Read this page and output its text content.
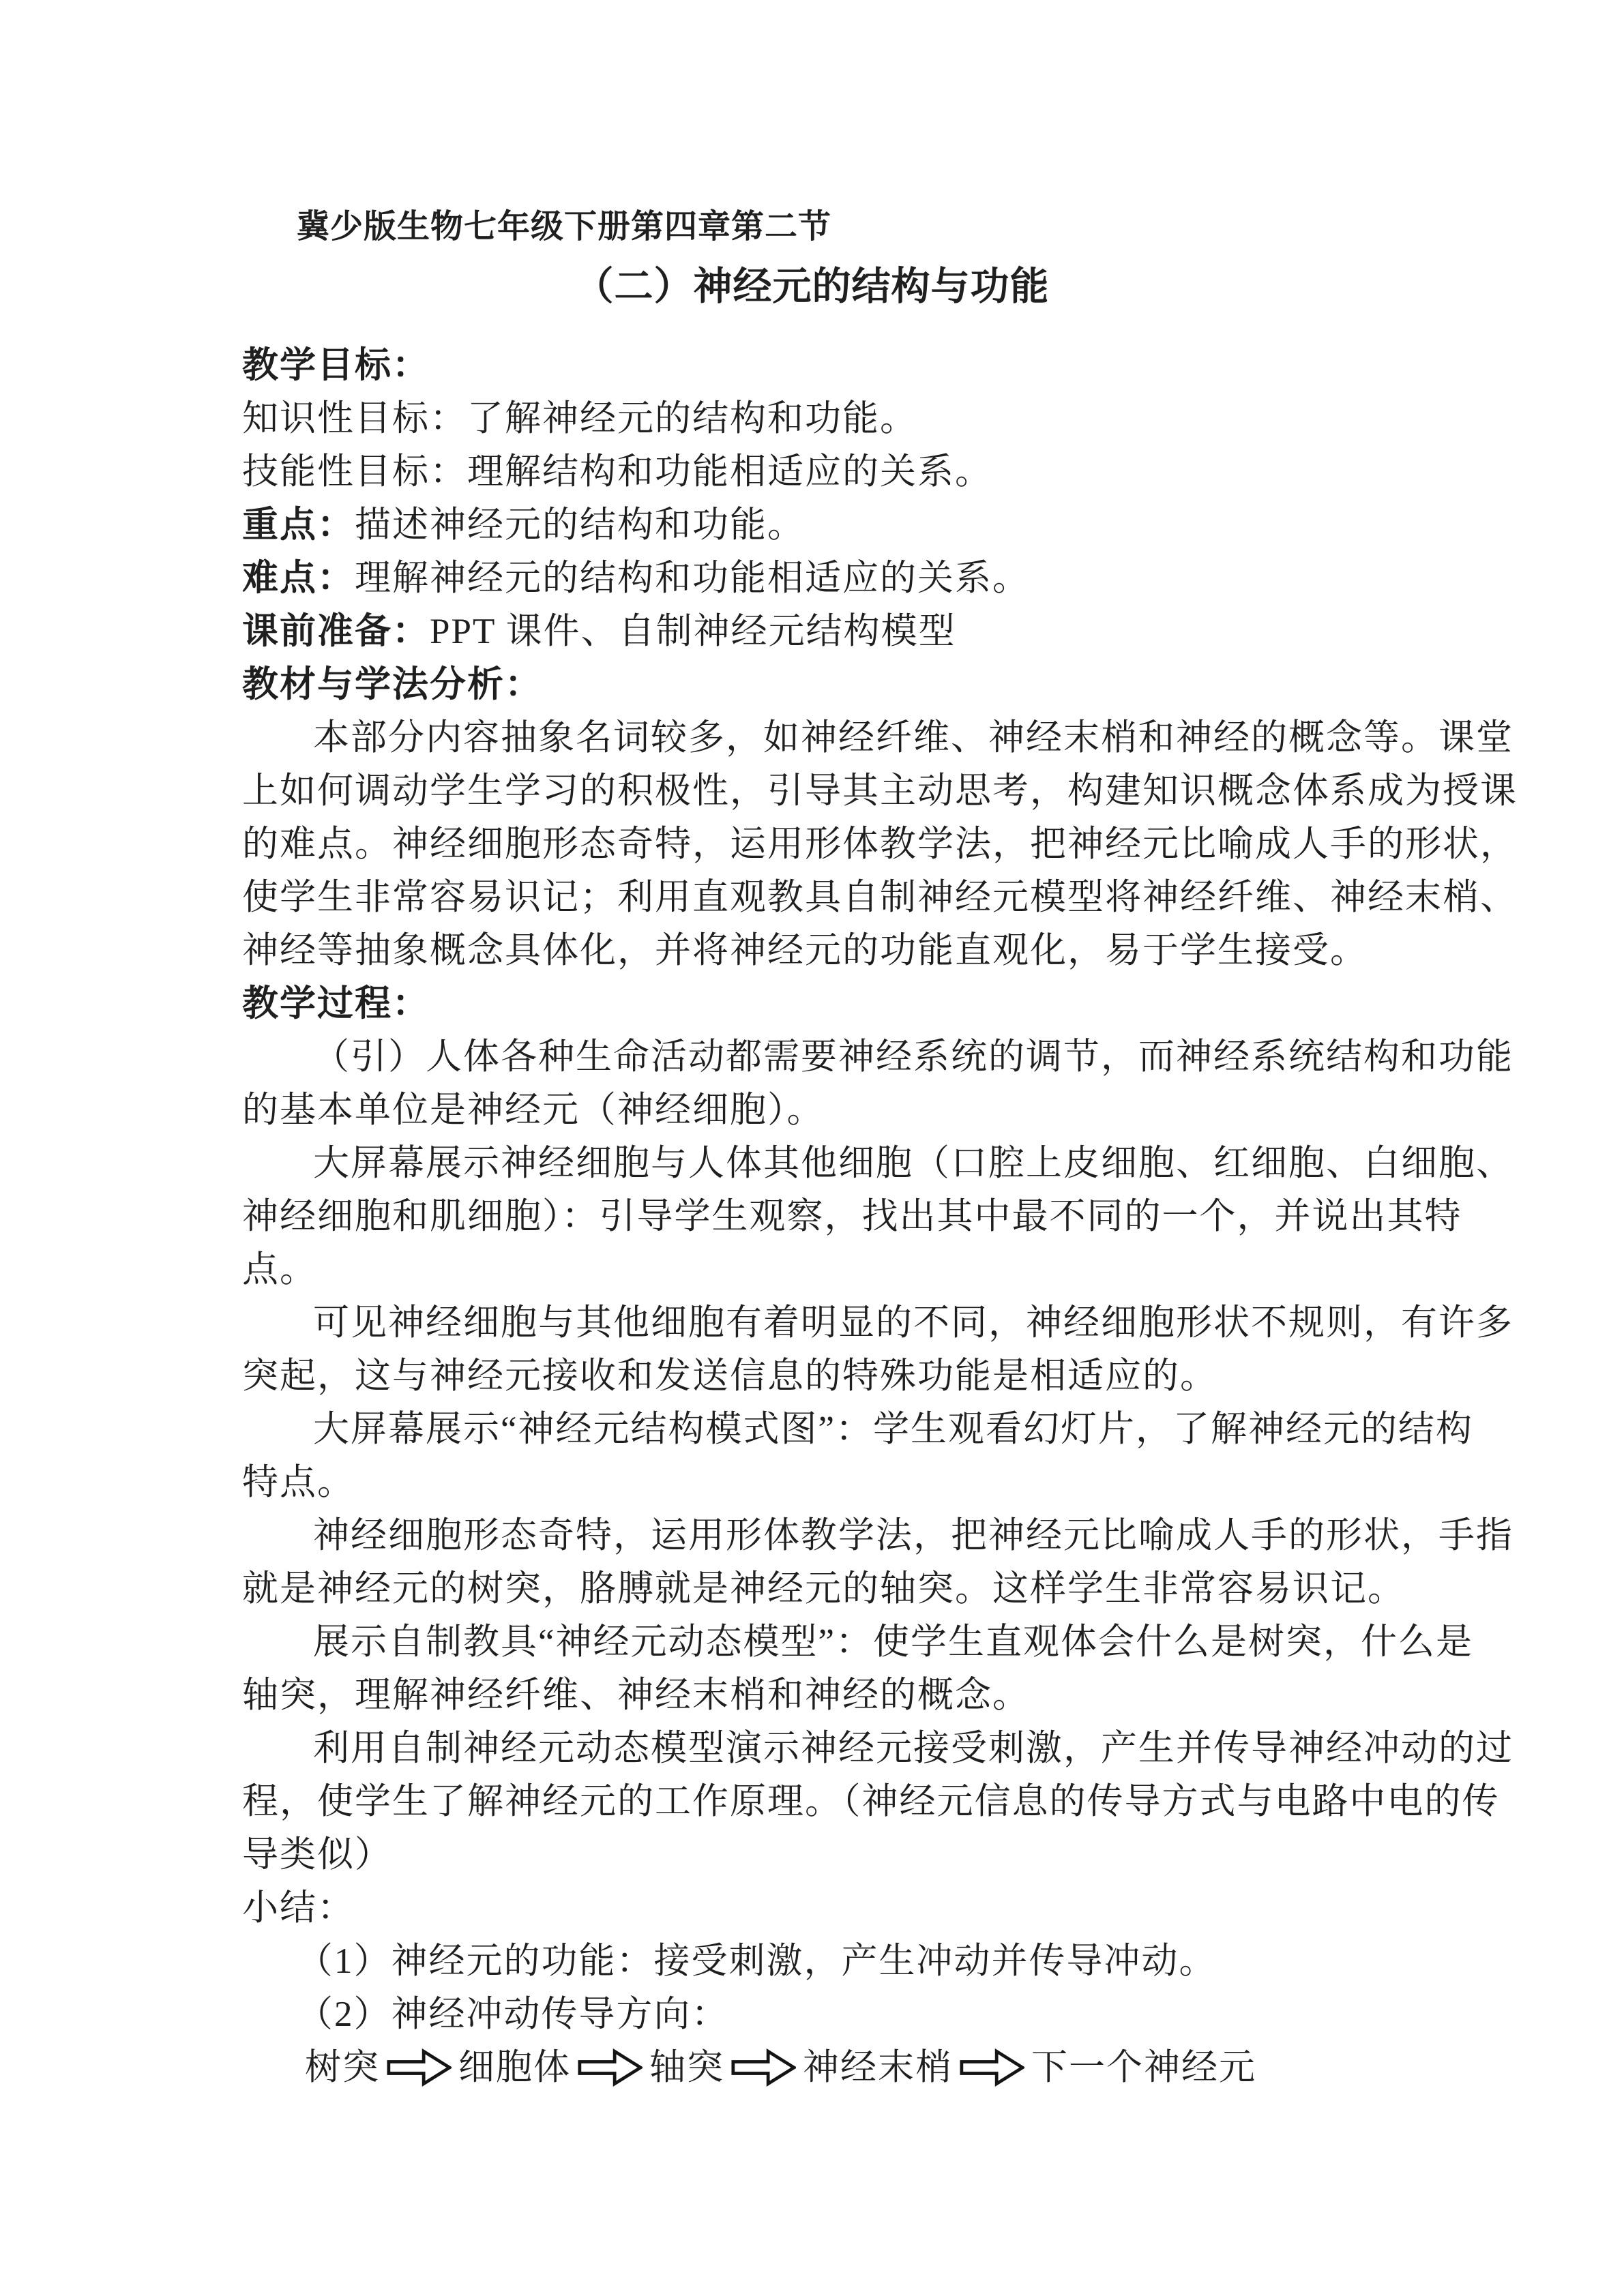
冀少版生物七年级下册第四章第二节
（二）神经元的结构与功能
教学目标：
知识性目标：了解神经元的结构和功能。
技能性目标：理解结构和功能相适应的关系。
重点：描述神经元的结构和功能。
难点：理解神经元的结构和功能相适应的关系。
课前准备：PPT 课件、自制神经元结构模型
教材与学法分析：
本部分内容抽象名词较多，如神经纤维、神经末梢和神经的概念等。课堂
上如何调动学生学习的积极性，引导其主动思考，构建知识概念体系成为授课
的难点。神经细胞形态奇特，运用形体教学法，把神经元比喻成人手的形状，
使学生非常容易识记；利用直观教具自制神经元模型将神经纤维、神经末梢、
神经等抽象概念具体化，并将神经元的功能直观化，易于学生接受。
教学过程：
（引）人体各种生命活动都需要神经系统的调节，而神经系统结构和功能
的基本单位是神经元（神经细胞）。
大屏幕展示神经细胞与人体其他细胞（口腔上皮细胞、红细胞、白细胞、
神经细胞和肌细胞）：引导学生观察，找出其中最不同的一个，并说出其特
点。
可见神经细胞与其他细胞有着明显的不同，神经细胞形状不规则，有许多
突起，这与神经元接收和发送信息的特殊功能是相适应的。
大屏幕展示“神经元结构模式图”：学生观看幻灯片，了解神经元的结构
特点。
神经细胞形态奇特，运用形体教学法，把神经元比喻成人手的形状，手指
就是神经元的树突，胳膊就是神经元的轴突。这样学生非常容易识记。
展示自制教具“神经元动态模型”：使学生直观体会什么是树突，什么是
轴突，理解神经纤维、神经末梢和神经的概念。
利用自制神经元动态模型演示神经元接受刺激，产生并传导神经冲动的过
程，使学生了解神经元的工作原理。（神经元信息的传导方式与电路中电的传
导类似）
小结：
（1）神经元的功能：接受刺激，产生冲动并传导冲动。
（2）神经冲动传导方向：
树突 细胞体 轴突 神经末梢 下一个神经元
